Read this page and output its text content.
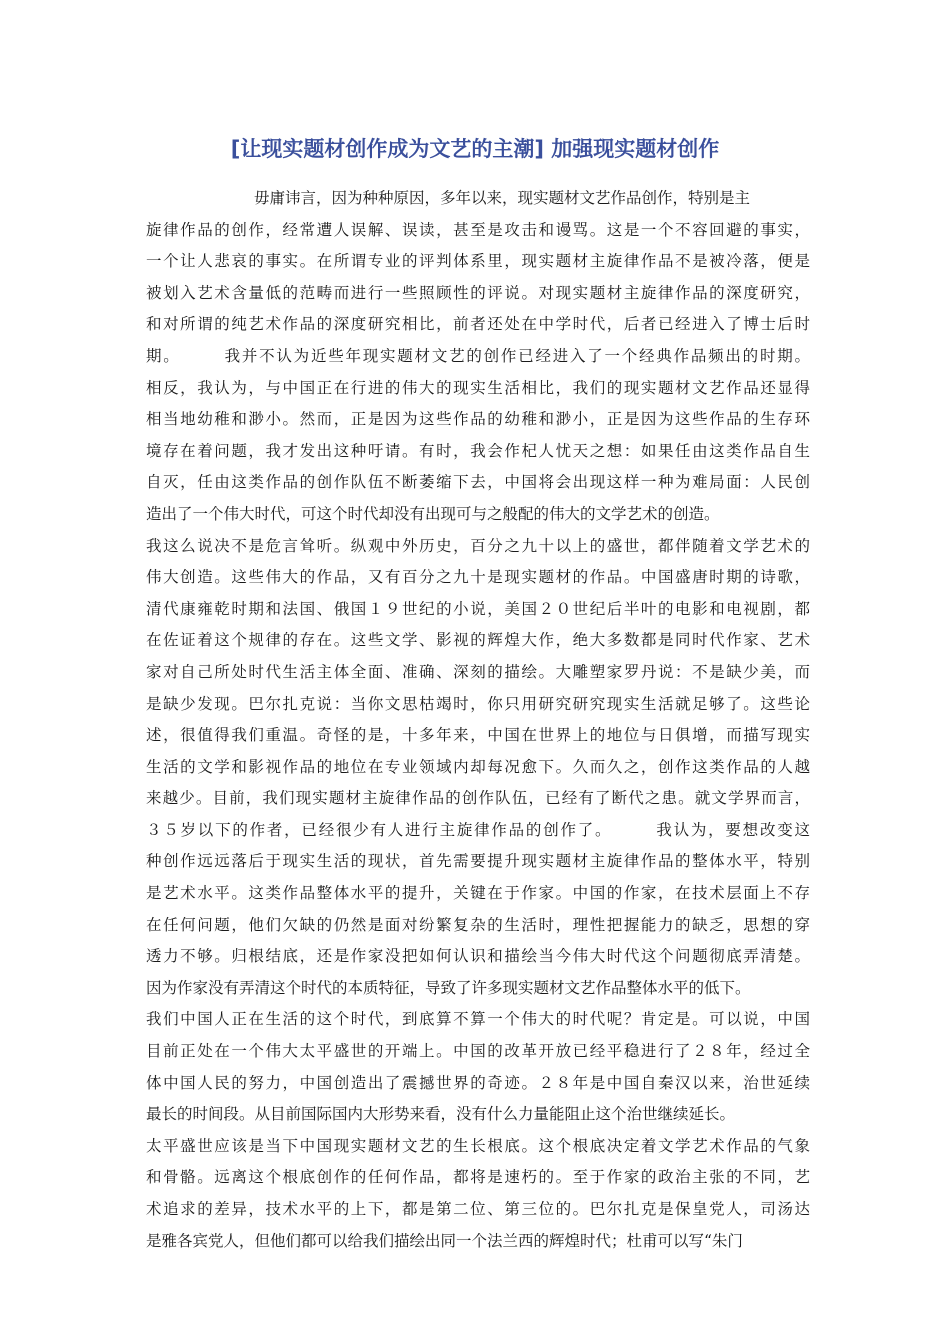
[让现实题材创作成为文艺的主潮] 加强现实题材创作
毋庸讳言，因为种种原因，多年以来，现实题材文艺作品创作，特别是主
旋律作品的创作，经常遭人误解、误读，甚至是攻击和谩骂。这是一个不容回避的事实，
一个让人悲哀的事实。在所谓专业的评判体系里，现实题材主旋律作品不是被冷落，便是
被划入艺术含量低的范畴而进行一些照顾性的评说。对现实题材主旋律作品的深度研究，
和对所谓的纯艺术作品的深度研究相比，前者还处在中学时代，后者已经进入了博士后时
期。　　　我并不认为近些年现实题材文艺的创作已经进入了一个经典作品频出的时期。
相反，我认为，与中国正在行进的伟大的现实生活相比，我们的现实题材文艺作品还显得
相当地幼稚和渺小。然而，正是因为这些作品的幼稚和渺小，正是因为这些作品的生存环
境存在着问题，我才发出这种吁请。有时，我会作杞人忧天之想：如果任由这类作品自生
自灭，任由这类作品的创作队伍不断萎缩下去，中国将会出现这样一种为难局面：人民创
造出了一个伟大时代，可这个时代却没有出现可与之般配的伟大的文学艺术的创造。
我这么说决不是危言耸听。纵观中外历史，百分之九十以上的盛世，都伴随着文学艺术的
伟大创造。这些伟大的作品，又有百分之九十是现实题材的作品。中国盛唐时期的诗歌，
清代康雍乾时期和法国、俄国１９世纪的小说，美国２０世纪后半叶的电影和电视剧，都
在佐证着这个规律的存在。这些文学、影视的辉煌大作，绝大多数都是同时代作家、艺术
家对自己所处时代生活主体全面、准确、深刻的描绘。大雕塑家罗丹说：不是缺少美，而
是缺少发现。巴尔扎克说：当你文思枯竭时，你只用研究研究现实生活就足够了。这些论
述，很值得我们重温。奇怪的是，十多年来，中国在世界上的地位与日俱增，而描写现实
生活的文学和影视作品的地位在专业领域内却每况愈下。久而久之，创作这类作品的人越
来越少。目前，我们现实题材主旋律作品的创作队伍，已经有了断代之患。就文学界而言，
３５岁以下的作者，已经很少有人进行主旋律作品的创作了。　　　我认为，要想改变这
种创作远远落后于现实生活的现状，首先需要提升现实题材主旋律作品的整体水平，特别
是艺术水平。这类作品整体水平的提升，关键在于作家。中国的作家，在技术层面上不存
在任何问题，他们欠缺的仍然是面对纷繁复杂的生活时，理性把握能力的缺乏，思想的穿
透力不够。归根结底，还是作家没把如何认识和描绘当今伟大时代这个问题彻底弄清楚。
因为作家没有弄清这个时代的本质特征，导致了许多现实题材文艺作品整体水平的低下。
我们中国人正在生活的这个时代，到底算不算一个伟大的时代呢？肯定是。可以说，中国
目前正处在一个伟大太平盛世的开端上。中国的改革开放已经平稳进行了２８年，经过全
体中国人民的努力，中国创造出了震撼世界的奇迹。２８年是中国自秦汉以来，治世延续
最长的时间段。从目前国际国内大形势来看，没有什么力量能阻止这个治世继续延长。
太平盛世应该是当下中国现实题材文艺的生长根底。这个根底决定着文学艺术作品的气象
和骨骼。远离这个根底创作的任何作品，都将是速朽的。至于作家的政治主张的不同，艺
术追求的差异，技术水平的上下，都是第二位、第三位的。巴尔扎克是保皇党人，司汤达
是雅各宾党人，但他们都可以给我们描绘出同一个法兰西的辉煌时代；杜甫可以写“朱门
